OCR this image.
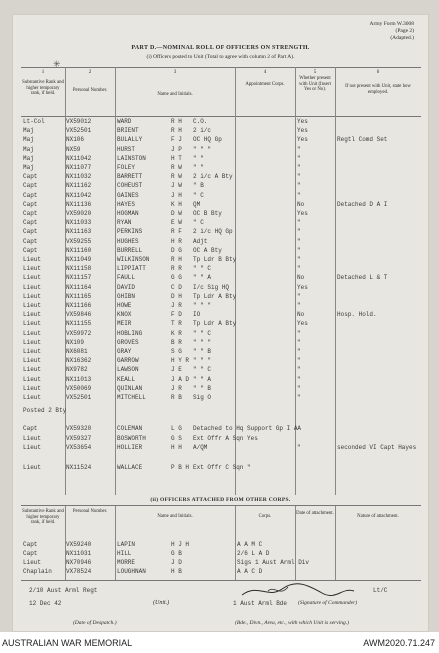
✳
Army Form W.3008
(Page 2)
(Adapted.)
PART D.—NOMINAL ROLL OF OFFICERS ON STRENGTH.
(i) Officers posted to Unit (Total to agree with column 2 of Part A).
1	2	3	4	5	6
Substantive Rank and higher temporary rank, if held.
Personal Number.
Name and Initials.
Appointment Corps.
Whether present with Unit (Insert Yes or No).
If not present with Unit, state how employed.
Lt-Col	VX59012	WARD	R H C.O.	Yes
Maj	VX52501	BRIENT	R H 2 i/c	Yes
Maj	NX106	BULALLY	F J OC HQ Gp	Yes	Regtl Comd Set
Maj	NX59	HURST	J P " " "	"
Maj	NX11042	LAINSTON	H T " "	"
Maj	NX11077	FOLEY	R W " "	"
Capt	NX11032	BARRETT	R W 2 i/c A Bty	"
Capt	NX11162	COHEUST	J W " B	"
Capt	NX11042	GAINES	J H " C	"
Capt	NX11136	HAYES	K H QM	No	Detached D A I
Capt	VX59020	HOGMAN	D W OC B Bty	Yes
Capt	NX11033	RYAN	E W " C	"
Capt	NX11163	PERKINS	R F 2 i/c HQ Gp	"
Capt	VX59255	HUGHES	H R Adjt	"
Capt	NX11160	BURRELL	D G OC A Bty	"
Lieut	NX11049	WILKINSON	R H Tp Ldr B Bty	"
Lieut	NX11158	LIPPIATT	R R " " C	"
Lieut	NX11157	FAULL	G G " " A	No	Detached L & T
Lieut	NX11164	DAVID	C D I/c Sig HQ	Yes
Lieut	NX11165	GHIBN	D H Tp Ldr A Bty	"
Lieut	NX11166	HOWE	J R " " "	"
Lieut	VX59846	KNOX	F D IO	No	Hosp. Hold.
Lieut	NX11155	MEIR	T R Tp Ldr A Bty	Yes
Lieut	VX59972	HOBLING	K R " " C	"
Lieut	NX109	GROVES	B R " " "	"
Lieut	NX6081	GRAY	S G " " B	"
Lieut	NX16362	GARROW	H Y R " " "	"
Lieut	NX9782	LAWSON	J E " " C	"
Lieut	NX11013	KEALL	J A D " " A	"
Lieut	VX50069	QUINLAN	J R " " B	"
Lieut	VX52501	MITCHELL	R B Sig O	"
Posted 2 Bty
Capt	VX59320	COLEMAN	L G Detached to Hq Support Gp I AA
Lieut	VX59327	BOSWORTH	G S Ext Offr A Sqn Yes
Lieut	VX53654	HOLLIER	H H A/QM	"	seconded VI Capt Hayes
Lieut	NX11524	WALLACE	P B H Ext Offr C Sqn "
(ii) OFFICERS ATTACHED FROM OTHER CORPS.
Substantive Rank and higher temporary rank, if held.
Personal Number.
Name and Initials.	Corps.
Date of attachment.
Nature of attachment.
Capt	VX59240	LAPIN	H J H	A A M C
Capt	NX11031	HILL	G B	2/6 L A D
Lieut	NX70946	MORRE	J D	Sigs 1 Aust Arml Div
Chaplain VX78524	LOUGHNAN	H B	A A C D
2/10 Aust Arml Regt	Lt/C
12 Dec 42	(Unit.)	1 Aust Arml Bde (Signature of Commander)
(Date of Despatch.)	(Bde., Divn., Area, etc., with which Unit is serving.)
AUSTRALIAN WAR MEMORIAL	AWM2020.71.247
